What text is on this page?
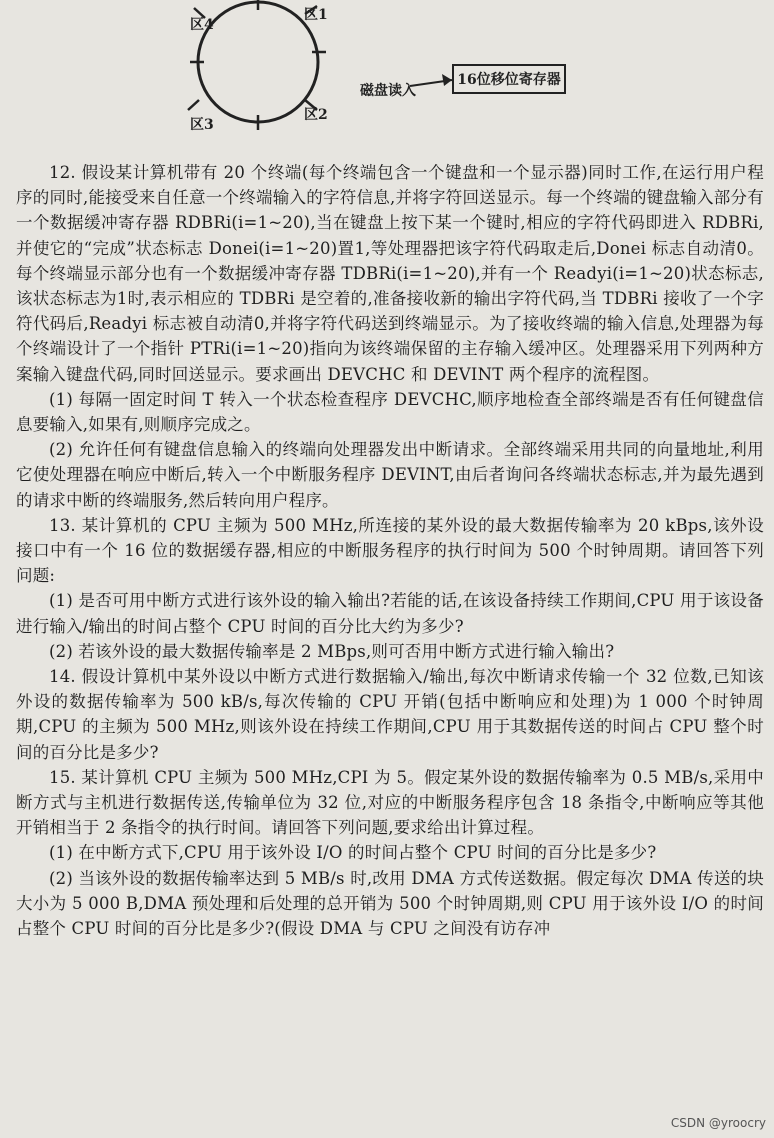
区4
区1
区3
区2
磁盘读入
16位移位寄存器

12. 假设某计算机带有 20 个终端(每个终端包含一个键盘和一个显示器)同时工作,在运行用户程序的同时,能接受来自任意一个终端输入的字符信息,并将字符回送显示。每一个终端的键盘输入部分有一个数据缓冲寄存器 RDBRi(i=1~20),当在键盘上按下某一个键时,相应的字符代码即进入 RDBRi,并使它的“完成”状态标志 Donei(i=1~20)置1,等处理器把该字符代码取走后,Donei 标志自动清0。每个终端显示部分也有一个数据缓冲寄存器 TDBRi(i=1~20),并有一个 Readyi(i=1~20)状态标志,该状态标志为1时,表示相应的 TDBRi 是空着的,准备接收新的输出字符代码,当 TDBRi 接收了一个字符代码后,Readyi 标志被自动清0,并将字符代码送到终端显示。为了接收终端的输入信息,处理器为每个终端设计了一个指针 PTRi(i=1~20)指向为该终端保留的主存输入缓冲区。处理器采用下列两种方案输入键盘代码,同时回送显示。要求画出 DEVCHC 和 DEVINT 两个程序的流程图。

(1) 每隔一固定时间 T 转入一个状态检查程序 DEVCHC,顺序地检查全部终端是否有任何键盘信息要输入,如果有,则顺序完成之。

(2) 允许任何有键盘信息输入的终端向处理器发出中断请求。全部终端采用共同的向量地址,利用它使处理器在响应中断后,转入一个中断服务程序 DEVINT,由后者询问各终端状态标志,并为最先遇到的请求中断的终端服务,然后转向用户程序。

13. 某计算机的 CPU 主频为 500 MHz,所连接的某外设的最大数据传输率为 20 kBps,该外设接口中有一个 16 位的数据缓存器,相应的中断服务程序的执行时间为 500 个时钟周期。请回答下列问题:

(1) 是否可用中断方式进行该外设的输入输出?若能的话,在该设备持续工作期间,CPU 用于该设备进行输入/输出的时间占整个 CPU 时间的百分比大约为多少?

(2) 若该外设的最大数据传输率是 2 MBps,则可否用中断方式进行输入输出?

14. 假设计算机中某外设以中断方式进行数据输入/输出,每次中断请求传输一个 32 位数,已知该外设的数据传输率为 500 kB/s,每次传输的 CPU 开销(包括中断响应和处理)为 1 000 个时钟周期,CPU 的主频为 500 MHz,则该外设在持续工作期间,CPU 用于其数据传送的时间占 CPU 整个时间的百分比是多少?

15. 某计算机 CPU 主频为 500 MHz,CPI 为 5。假定某外设的数据传输率为 0.5 MB/s,采用中断方式与主机进行数据传送,传输单位为 32 位,对应的中断服务程序包含 18 条指令,中断响应等其他开销相当于 2 条指令的执行时间。请回答下列问题,要求给出计算过程。

(1) 在中断方式下,CPU 用于该外设 I/O 的时间占整个 CPU 时间的百分比是多少?

(2) 当该外设的数据传输率达到 5 MB/s 时,改用 DMA 方式传送数据。假定每次 DMA 传送的块大小为 5 000 B,DMA 预处理和后处理的总开销为 500 个时钟周期,则 CPU 用于该外设 I/O 的时间占整个 CPU 时间的百分比是多少?(假设 DMA 与 CPU 之间没有访存冲

CSDN @yroocry
